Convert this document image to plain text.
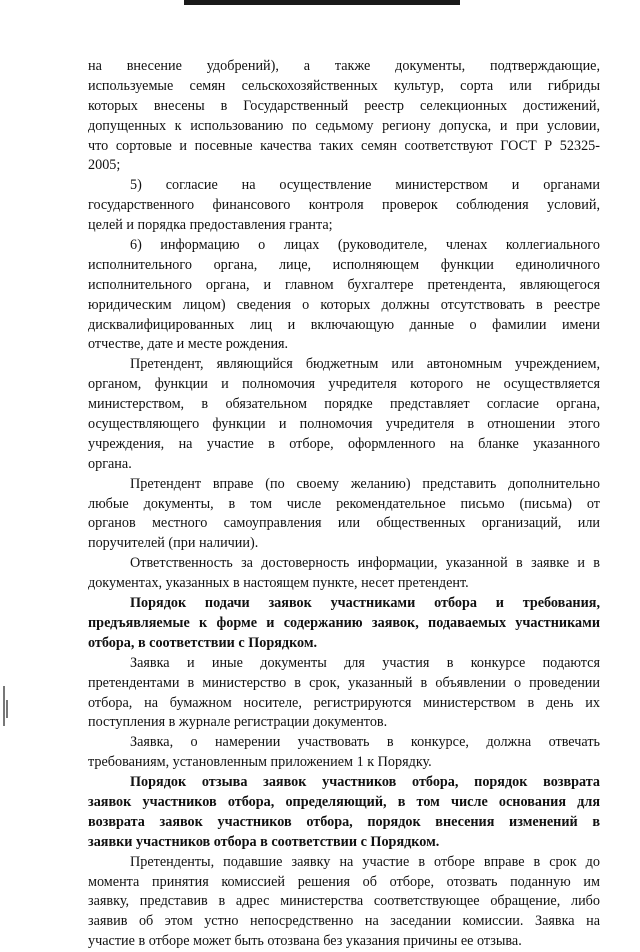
на внесение удобрений), а также документы, подтверждающие,
используемые семян сельскохозяйственных культур, сорта или гибриды
которых внесены в Государственный реестр селекционных достижений,
допущенных к использованию по седьмому региону допуска, и при условии,
что сортовые и посевные качества таких семян соответствуют ГОСТ Р 52325-
2005;
5) согласие на осуществление министерством и органами
государственного финансового контроля проверок соблюдения условий,
целей и порядка предоставления гранта;
6) информацию о лицах (руководителе, членах коллегиального
исполнительного органа, лице, исполняющем функции единоличного
исполнительного органа, и главном бухгалтере претендента, являющегося
юридическим лицом) сведения о которых должны отсутствовать в реестре
дисквалифицированных лиц и включающую данные о фамилии имени
отчестве, дате и месте рождения.
Претендент, являющийся бюджетным или автономным учреждением,
органом, функции и полномочия учредителя которого не осуществляется
министерством, в обязательном порядке представляет согласие органа,
осуществляющего функции и полномочия учредителя в отношении этого
учреждения, на участие в отборе, оформленного на бланке указанного
органа.
Претендент вправе (по своему желанию) представить дополнительно
любые документы, в том числе рекомендательное письмо (письма) от
органов местного самоуправления или общественных организаций, или
поручителей (при наличии).
Ответственность за достоверность информации, указанной в заявке и в
документах, указанных в настоящем пункте, несет претендент.
Порядок подачи заявок участниками отбора и требования,
предъявляемые к форме и содержанию заявок, подаваемых участниками
отбора, в соответствии с Порядком.
Заявка и иные документы для участия в конкурсе подаются
претендентами в министерство в срок, указанный в объявлении о проведении
отбора, на бумажном носителе, регистрируются министерством в день их
поступления в журнале регистрации документов.
Заявка, о намерении участвовать в конкурсе, должна отвечать
требованиям, установленным приложением 1 к Порядку.
Порядок отзыва заявок участников отбора, порядок возврата
заявок участников отбора, определяющий, в том числе основания для
возврата заявок участников отбора, порядок внесения изменений в
заявки участников отбора в соответствии с Порядком.
Претенденты, подавшие заявку на участие в отборе вправе в срок до
момента принятия комиссией решения об отборе, отозвать поданную им
заявку, представив в адрес министерства соответствующее обращение, либо
заявив об этом устно непосредственно на заседании комиссии. Заявка на
участие в отборе может быть отозвана без указания причины ее отзыва.
